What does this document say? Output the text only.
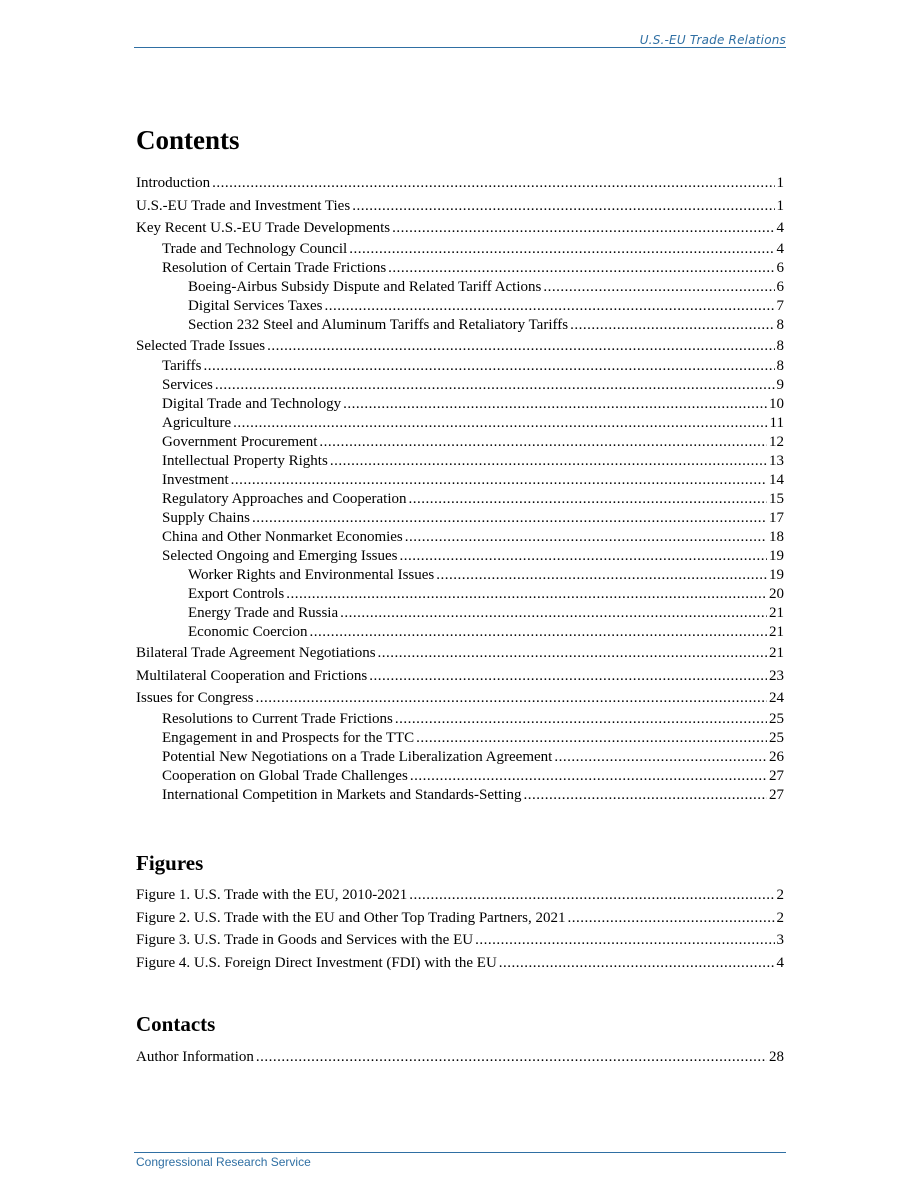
U.S.-EU Trade Relations
Contents
Introduction .....	1
U.S.-EU Trade and Investment Ties .....	1
Key Recent U.S.-EU Trade Developments .....	4
Trade and Technology Council .....	4
Resolution of Certain Trade Frictions .....	6
Boeing-Airbus Subsidy Dispute and Related Tariff Actions .....	6
Digital Services Taxes .....	7
Section 232 Steel and Aluminum Tariffs and Retaliatory Tariffs .....	8
Selected Trade Issues .....	8
Tariffs .....	8
Services .....	9
Digital Trade and Technology .....	10
Agriculture .....	11
Government Procurement .....	12
Intellectual Property Rights .....	13
Investment .....	14
Regulatory Approaches and Cooperation .....	15
Supply Chains .....	17
China and Other Nonmarket Economies .....	18
Selected Ongoing and Emerging Issues .....	19
Worker Rights and Environmental Issues .....	19
Export Controls .....	20
Energy Trade and Russia .....	21
Economic Coercion .....	21
Bilateral Trade Agreement Negotiations .....	21
Multilateral Cooperation and Frictions .....	23
Issues for Congress .....	24
Resolutions to Current Trade Frictions .....	25
Engagement in and Prospects for the TTC .....	25
Potential New Negotiations on a Trade Liberalization Agreement .....	26
Cooperation on Global Trade Challenges .....	27
International Competition in Markets and Standards-Setting .....	27
Figures
Figure 1. U.S. Trade with the EU, 2010-2021 .....	2
Figure 2. U.S. Trade with the EU and Other Top Trading Partners, 2021 .....	2
Figure 3. U.S. Trade in Goods and Services with the EU .....	3
Figure 4. U.S. Foreign Direct Investment (FDI) with the EU .....	4
Contacts
Author Information .....	28
Congressional Research Service
